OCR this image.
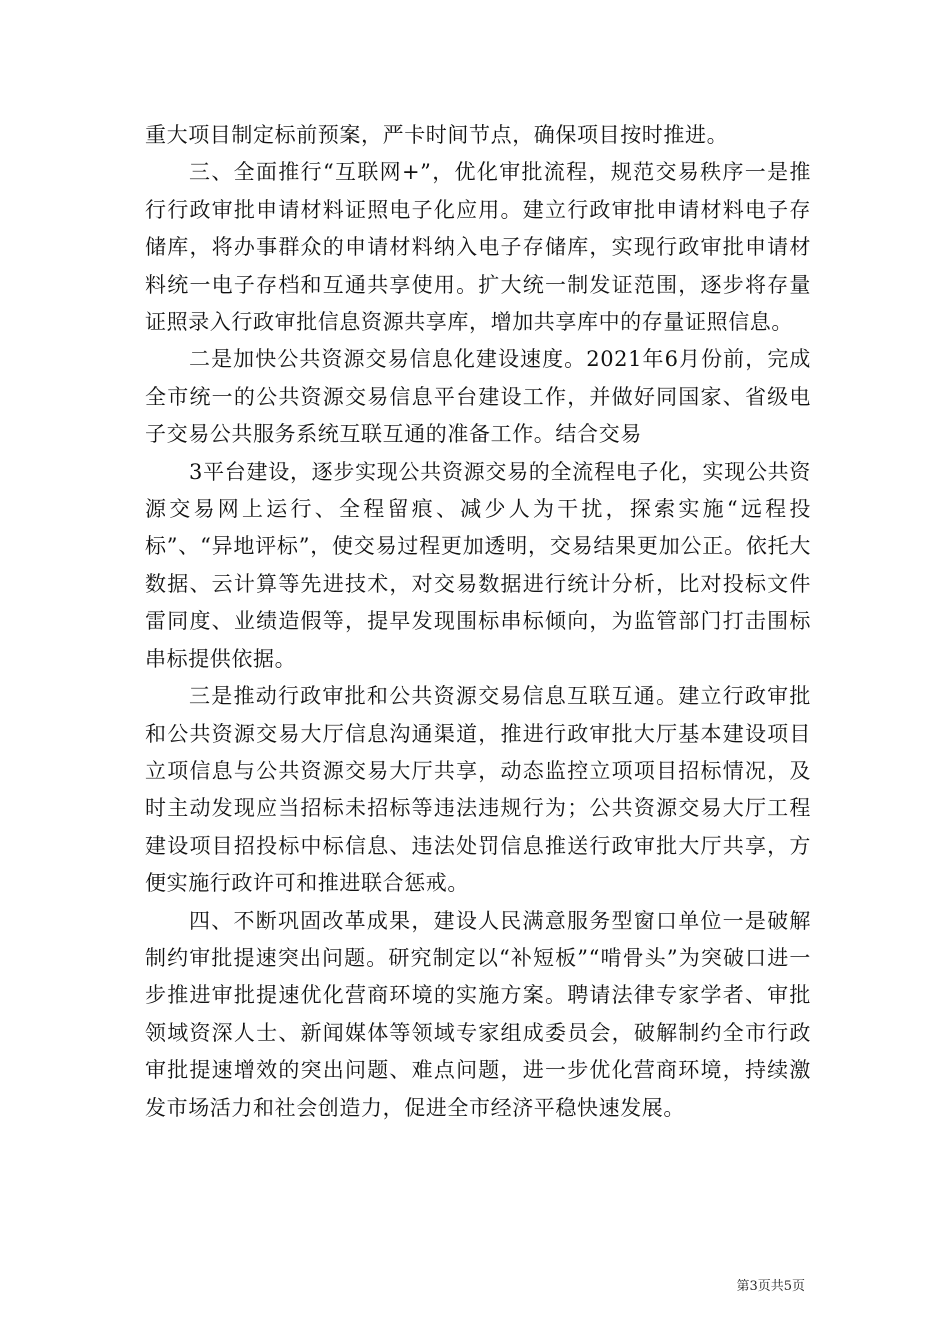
重大项目制定标前预案，严卡时间节点，确保项目按时推进。

三、全面推行“互联网+”，优化审批流程，规范交易秩序一是推行行政审批申请材料证照电子化应用。建立行政审批申请材料电子存储库，将办事群众的申请材料纳入电子存储库，实现行政审批申请材料统一电子存档和互通共享使用。扩大统一制发证范围，逐步将存量证照录入行政审批信息资源共享库，增加共享库中的存量证照信息。

二是加快公共资源交易信息化建设速度。2021年6月份前，完成全市统一的公共资源交易信息平台建设工作，并做好同国家、省级电子交易公共服务系统互联互通的准备工作。结合交易

3平台建设，逐步实现公共资源交易的全流程电子化，实现公共资源交易网上运行、全程留痕、减少人为干扰，探索实施“远程投标”、“异地评标”，使交易过程更加透明，交易结果更加公正。依托大数据、云计算等先进技术，对交易数据进行统计分析，比对投标文件雷同度、业绩造假等，提早发现围标串标倾向，为监管部门打击围标串标提供依据。

三是推动行政审批和公共资源交易信息互联互通。建立行政审批和公共资源交易大厅信息沟通渠道，推进行政审批大厅基本建设项目立项信息与公共资源交易大厅共享，动态监控立项项目招标情况，及时主动发现应当招标未招标等违法违规行为；公共资源交易大厅工程建设项目招投标中标信息、违法处罚信息推送行政审批大厅共享，方便实施行政许可和推进联合惩戒。

四、不断巩固改革成果，建设人民满意服务型窗口单位一是破解制约审批提速突出问题。研究制定以“补短板”“啃骨头”为突破口进一步推进审批提速优化营商环境的实施方案。聘请法律专家学者、审批领域资深人士、新闻媒体等领域专家组成委员会，破解制约全市行政审批提速增效的突出问题、难点问题，进一步优化营商环境，持续激发市场活力和社会创造力，促进全市经济平稳快速发展。

第3页共5页
